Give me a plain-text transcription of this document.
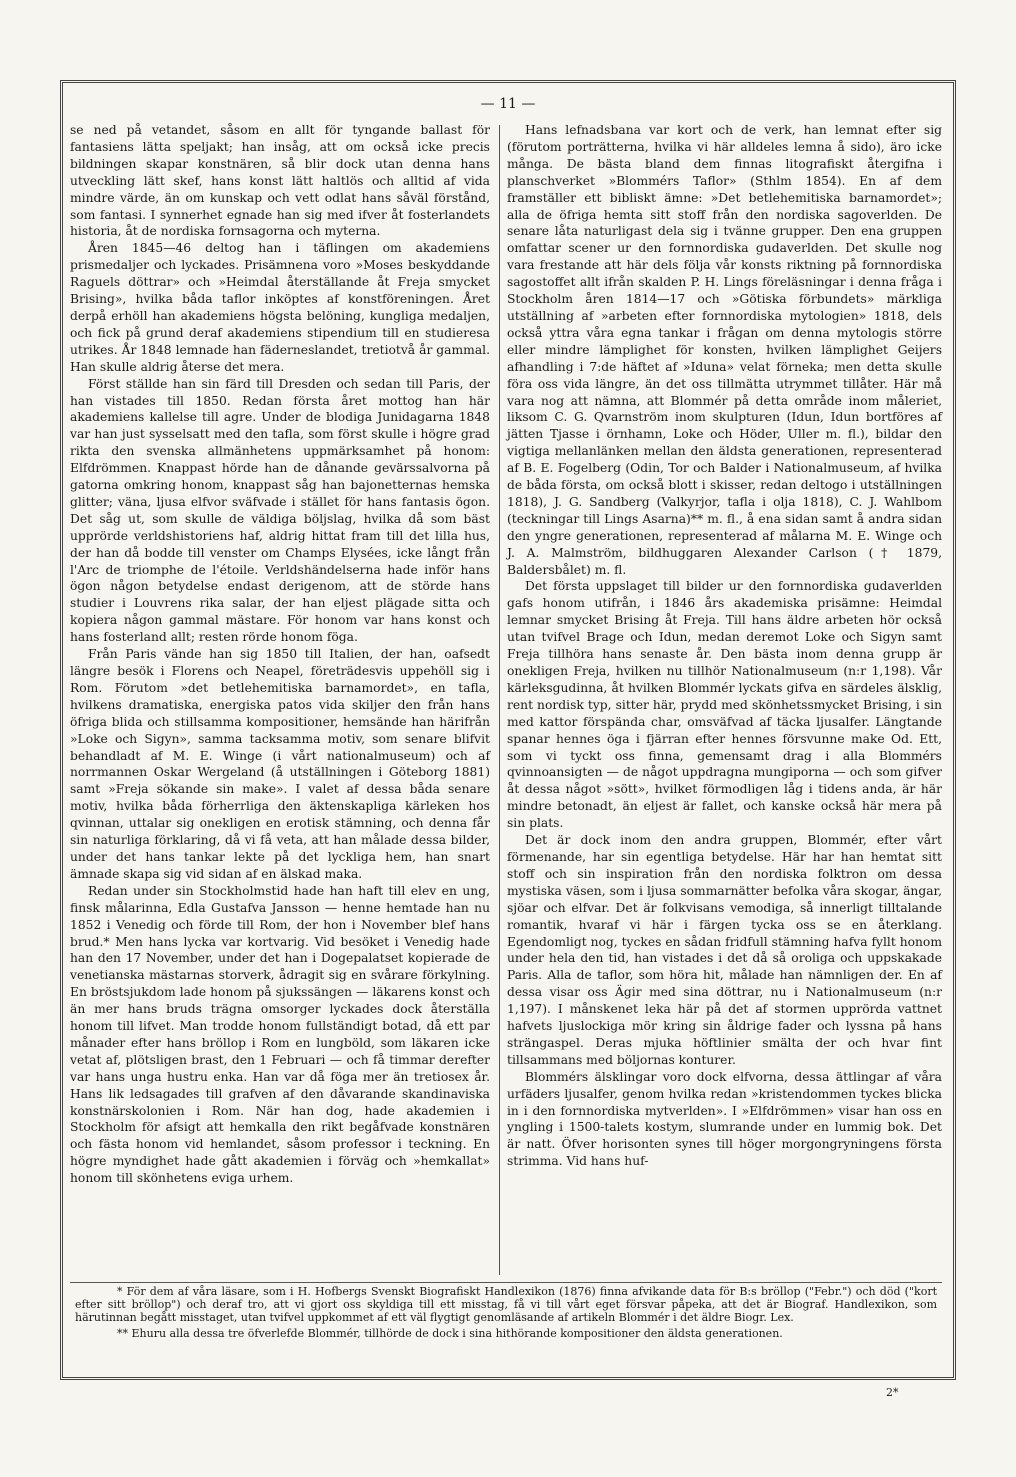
— 11 —

se ned på vetandet, såsom en allt för tyngande ballast för fantasiens lätta speljakt; han insåg, att om också icke precis bildningen skapar konstnären, så blir dock utan denna hans utveckling lätt skef, hans konst lätt haltlös och alltid af vida mindre värde, än om kunskap och vett odlat hans såväl förstånd, som fantasi. I synnerhet egnade han sig med ifver åt fosterlandets historia, åt de nordiska fornsagorna och myterna.

Åren 1845—46 deltog han i täflingen om akademiens prismedaljer och lyckades. Prisämnena voro »Moses beskyddande Raguels döttrar» och »Heimdal återställande åt Freja smycket Brising», hvilka båda taflor inköptes af konstföreningen. Året derpå erhöll han akademiens högsta belöning, kungliga medaljen, och fick på grund deraf akademiens stipendium till en studieresa utrikes. År 1848 lemnade han fäderneslandet, tretiotvå år gammal. Han skulle aldrig återse det mera.

Först ställde han sin färd till Dresden och sedan till Paris, der han vistades till 1850. Redan första året mottog han här akademiens kallelse till agre. Under de blodiga Junidagarna 1848 var han just sysselsatt med den tafla, som först skulle i högre grad rikta den svenska allmänhetens uppmärksamhet på honom: Elfdrömmen. Knappast hörde han de dånande gevärssalvorna på gatorna omkring honom, knappast såg han bajonetternas hemska glitter; väna, ljusa elfvor sväfvade i stället för hans fantasis ögon. Det såg ut, som skulle de väldiga böljslag, hvilka då som bäst upprörde verldshistoriens haf, aldrig hittat fram till det lilla hus, der han då bodde till venster om Champs Elysées, icke långt från l'Arc de triomphe de l'étoile. Verldshändelserna hade inför hans ögon någon betydelse endast derigenom, att de störde hans studier i Louvrens rika salar, der han eljest plägade sitta och kopiera någon gammal mästare. För honom var hans konst och hans fosterland allt; resten rörde honom föga.

Från Paris vände han sig 1850 till Italien, der han, oafsedt längre besök i Florens och Neapel, företrädesvis uppehöll sig i Rom. Förutom »det betlehemitiska barnamordet», en tafla, hvilkens dramatiska, energiska patos vida skiljer den från hans öfriga blida och stillsamma kompositioner, hemsände han härifrån »Loke och Sigyn», samma tacksamma motiv, som senare blifvit behandladt af M. E. Winge (i vårt nationalmuseum) och af norrmannen Oskar Wergeland (å utställningen i Göteborg 1881) samt »Freja sökande sin make». I valet af dessa båda senare motiv, hvilka båda förherrliga den äktenskapliga kärleken hos qvinnan, uttalar sig onekligen en erotisk stämning, och denna får sin naturliga förklaring, då vi få veta, att han målade dessa bilder, under det hans tankar lekte på det lyckliga hem, han snart ämnade skapa sig vid sidan af en älskad maka.

Redan under sin Stockholmstid hade han haft till elev en ung, finsk målarinna, Edla Gustafva Jansson — henne hemtade han nu 1852 i Venedig och förde till Rom, der hon i November blef hans brud.* Men hans lycka var kortvarig. Vid besöket i Venedig hade han den 17 November, under det han i Dogepalatset kopierade de venetianska mästarnas storverk, ådragit sig en svårare förkylning. En bröstsjukdom lade honom på sjukssängen — läkarens konst och än mer hans bruds trägna omsorger lyckades dock återställa honom till lifvet. Man trodde honom fullständigt botad, då ett par månader efter hans bröllop i Rom en lungböld, som läkaren icke vetat af, plötsligen brast, den 1 Februari — och få timmar derefter var hans unga hustru enka. Han var då föga mer än tretiosex år. Hans lik ledsagades till grafven af den dåvarande skandinaviska konstnärskolonien i Rom. När han dog, hade akademien i Stockholm för afsigt att hemkalla den rikt begåfvade konstnären och fästa honom vid hemlandet, såsom professor i teckning. En högre myndighet hade gått akademien i förväg och »hemkallat» honom till skönhetens eviga urhem.

Hans lefnadsbana var kort och de verk, han lemnat efter sig (förutom porträtterna, hvilka vi här alldeles lemna å sido), äro icke många. De bästa bland dem finnas litografiskt återgifna i planschverket »Blommérs Taflor» (Sthlm 1854). En af dem framställer ett bibliskt ämne: »Det betlehemitiska barnamordet»; alla de öfriga hemta sitt stoff från den nordiska sagoverlden. De senare låta naturligast dela sig i tvänne grupper. Den ena gruppen omfattar scener ur den fornnordiska gudaverlden. Det skulle nog vara frestande att här dels följa vår konsts riktning på fornnordiska sagostoffet allt ifrån skalden P. H. Lings föreläsningar i denna fråga i Stockholm åren 1814—17 och »Götiska förbundets» märkliga utställning af »arbeten efter fornnordiska mytologien» 1818, dels också yttra våra egna tankar i frågan om denna mytologis större eller mindre lämplighet för konsten, hvilken lämplighet Geijers afhandling i 7:de häftet af »Iduna» velat förneka; men detta skulle föra oss vida längre, än det oss tillmätta utrymmet tillåter. Här må vara nog att nämna, att Blommér på detta område inom måleriet, liksom C. G. Qvarnström inom skulpturen (Idun, Idun bortföres af jätten Tjasse i örnhamn, Loke och Höder, Uller m. fl.), bildar den vigtiga mellanlänken mellan den äldsta generationen, representerad af B. E. Fogelberg (Odin, Tor och Balder i Nationalmuseum, af hvilka de båda första, om också blott i skisser, redan deltogo i utställningen 1818), J. G. Sandberg (Valkyrjor, tafla i olja 1818), C. J. Wahlbom (teckningar till Lings Asarna)** m. fl., å ena sidan samt å andra sidan den yngre generationen, representerad af målarna M. E. Winge och J. A. Malmström, bildhuggaren Alexander Carlson († 1879, Baldersbålet) m. fl.

Det första uppslaget till bilder ur den fornnordiska gudaverlden gafs honom utifrån, i 1846 års akademiska prisämne: Heimdal lemnar smycket Brising åt Freja. Till hans äldre arbeten hör också utan tvifvel Brage och Idun, medan deremot Loke och Sigyn samt Freja tillhöra hans senaste år. Den bästa inom denna grupp är onekligen Freja, hvilken nu tillhör Nationalmuseum (n:r 1,198). Vår kärleksgudinna, åt hvilken Blommér lyckats gifva en särdeles älsklig, rent nordisk typ, sitter här, prydd med skönhetssmycket Brising, i sin med kattor förspända char, omsväfvad af täcka ljusalfer. Längtande spanar hennes öga i fjärran efter hennes försvunne make Od. Ett, som vi tyckt oss finna, gemensamt drag i alla Blommérs qvinnoansigten — de något uppdragna mungiporna — och som gifver åt dessa något »sött», hvilket förmodligen låg i tidens anda, är här mindre betonadt, än eljest är fallet, och kanske också här mera på sin plats.

Det är dock inom den andra gruppen, Blommér, efter vårt förmenande, har sin egentliga betydelse. Här har han hemtat sitt stoff och sin inspiration från den nordiska folktron om dessa mystiska väsen, som i ljusa sommarnätter befolka våra skogar, ängar, sjöar och elfvar. Det är folkvisans vemodiga, så innerligt tilltalande romantik, hvaraf vi här i färgen tycka oss se en återklang. Egendomligt nog, tyckes en sådan fridfull stämning hafva fyllt honom under hela den tid, han vistades i det då så oroliga och uppskakade Paris. Alla de taflor, som höra hit, målade han nämnligen der. En af dessa visar oss Ägir med sina döttrar, nu i Nationalmuseum (n:r 1,197). I månskenet leka här på det af stormen upprörda vattnet hafvets ljuslockiga mör kring sin åldrige fader och lyssna på hans strängaspel. Deras mjuka höftlinier smälta der och hvar fint tillsammans med böljornas konturer.

Blommérs älsklingar voro dock elfvorna, dessa ättlingar af våra urfäders ljusalfer, genom hvilka redan »kristendommen tyckes blicka in i den fornnordiska mytverlden». I »Elfdrömmen» visar han oss en yngling i 1500-talets kostym, slumrande under en lummig bok. Det är natt. Öfver horisonten synes till höger morgongryningens första strimma. Vid hans huf-

* För dem af våra läsare, som i H. Hofbergs Svenskt Biografiskt Handlexikon (1876) finna afvikande data för B:s bröllop ("Febr.") och död ("kort efter sitt bröllop") och deraf tro, att vi gjort oss skyldiga till ett misstag, få vi till vårt eget försvar påpeka, att det är Biograf. Handlexikon, som härutinnan begått misstaget, utan tvifvel uppkommet af ett väl flygtigt genomläsande af artikeln Blommér i det äldre Biogr. Lex.

** Ehuru alla dessa tre öfverlefde Blommér, tillhörde de dock i sina hithörande kompositioner den äldsta generationen.

2*
